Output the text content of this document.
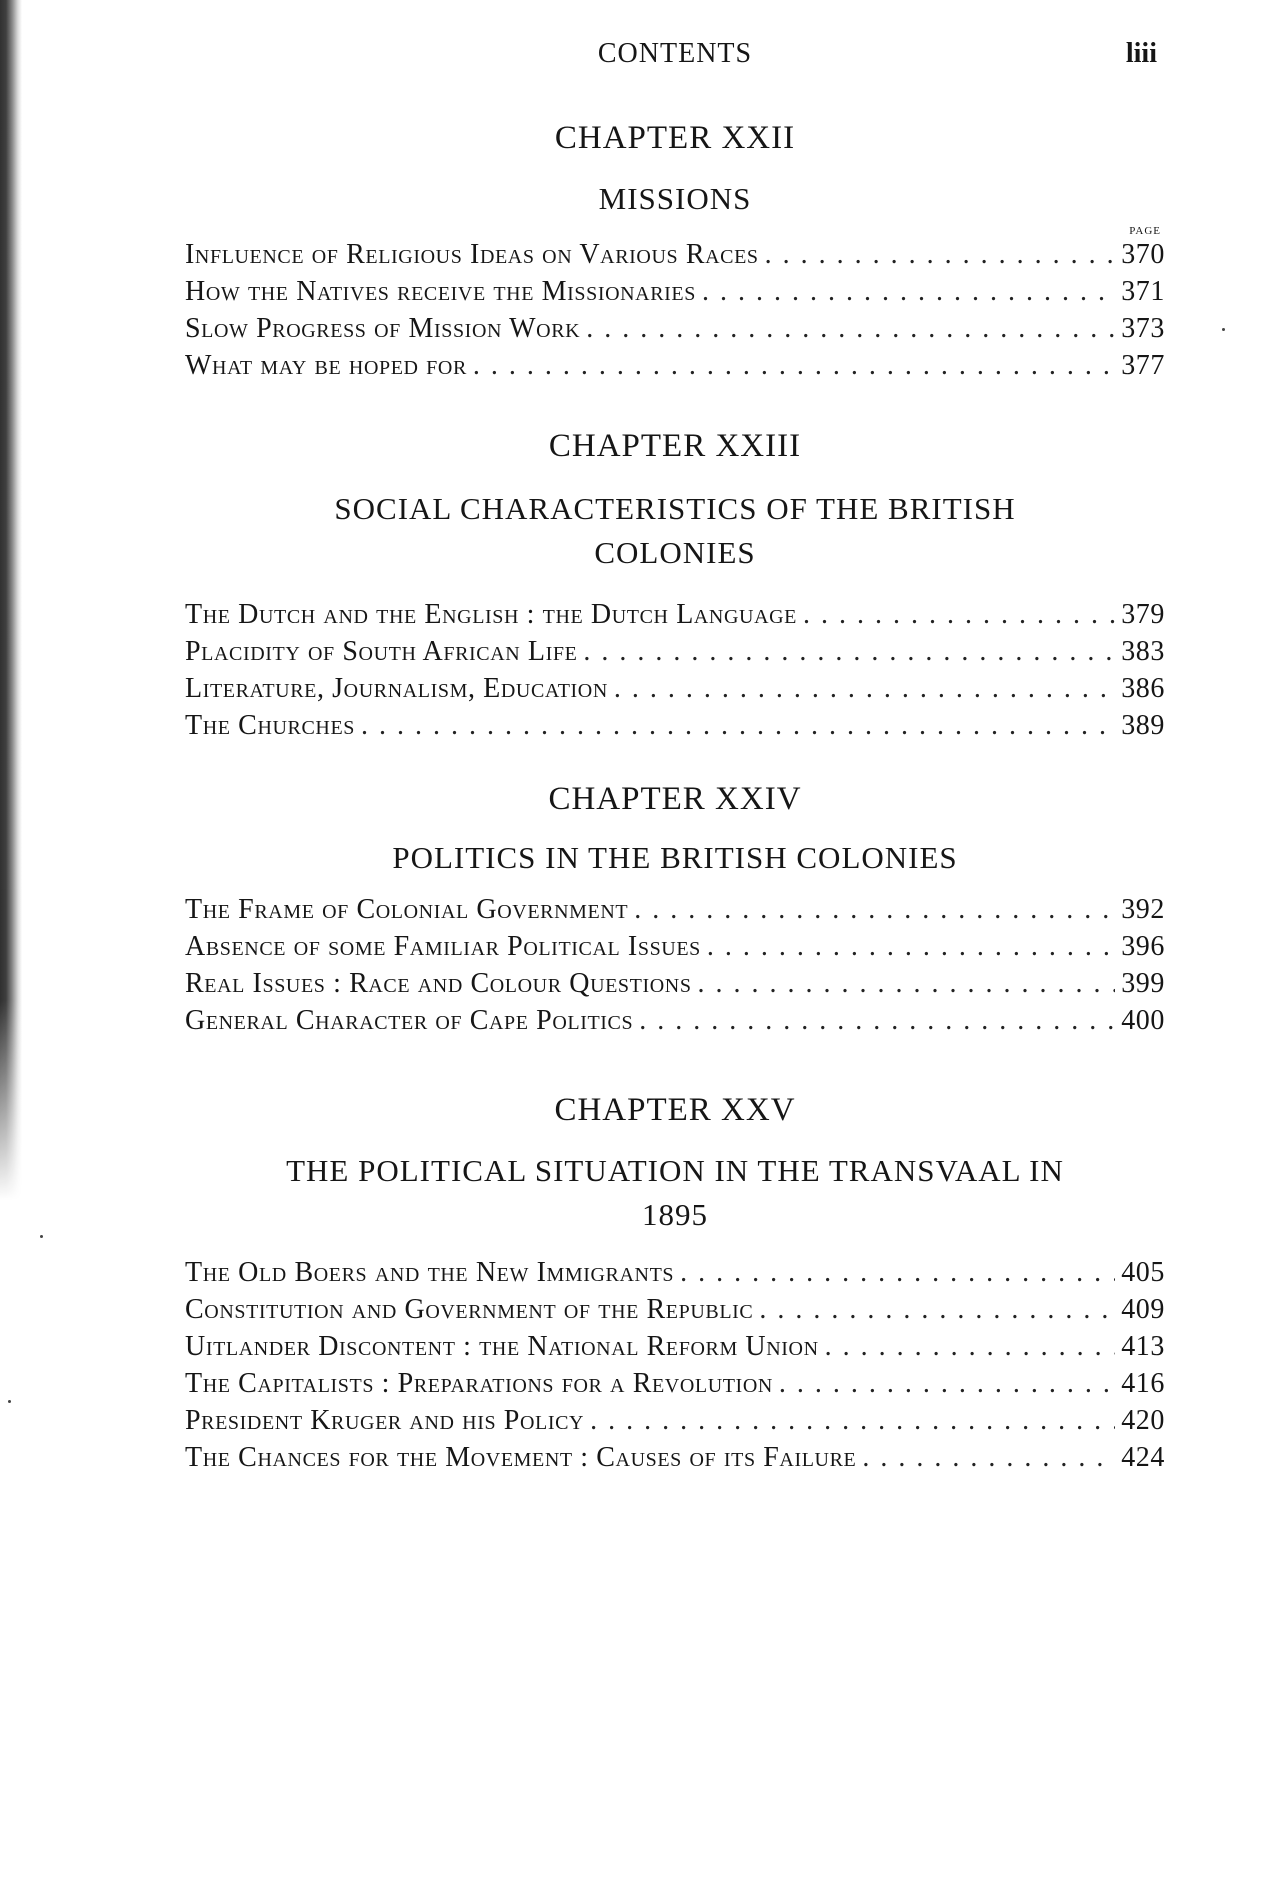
CONTENTS	liii
CHAPTER XXII
MISSIONS
PAGE
Influence of Religious Ideas on Various Races . . .	370
How the Natives receive the Missionaries . . .	371
Slow Progress of Mission Work . . .	373
What may be hoped for . . .	377
CHAPTER XXIII
SOCIAL CHARACTERISTICS OF THE BRITISH COLONIES
The Dutch and the English : the Dutch Language . . .	379
Placidity of South African Life . . .	383
Literature, Journalism, Education . . .	386
The Churches . . .	389
CHAPTER XXIV
POLITICS IN THE BRITISH COLONIES
The Frame of Colonial Government . . .	392
Absence of some Familiar Political Issues . . .	396
Real Issues : Race and Colour Questions . . .	399
General Character of Cape Politics . . .	400
CHAPTER XXV
THE POLITICAL SITUATION IN THE TRANSVAAL IN 1895
The Old Boers and the New Immigrants . . .	405
Constitution and Government of the Republic . . .	409
Uitlander Discontent : the National Reform Union . . .	413
The Capitalists : Preparations for a Revolution . . .	416
President Kruger and his Policy . . .	420
The Chances for the Movement : Causes of its Failure . . .	424
